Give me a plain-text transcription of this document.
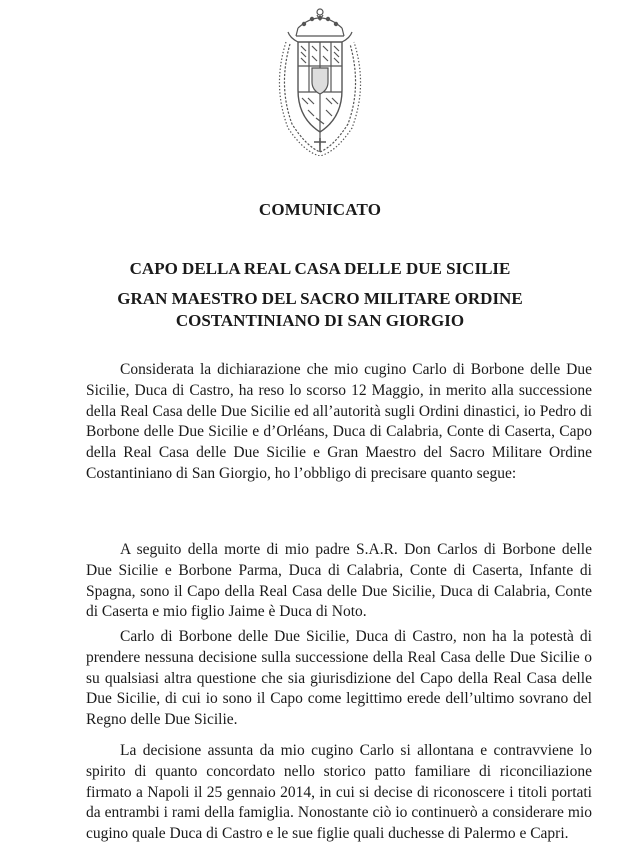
COMUNICATO
CAPO DELLA REAL CASA DELLE DUE SICILIE
GRAN MAESTRO DEL SACRO MILITARE ORDINE
COSTANTINIANO DI SAN GIORGIO

Considerata la dichiarazione che mio cugino Carlo di Borbone delle Due Sicilie, Duca di Castro, ha reso lo scorso 12 Maggio, in merito alla successione della Real Casa delle Due Sicilie ed all’autorità sugli Ordini dinastici, io Pedro di Borbone delle Due Sicilie e d’Orléans, Duca di Calabria, Conte di Caserta, Capo della Real Casa delle Due Sicilie e Gran Maestro del Sacro Militare Ordine Costantiniano di San Giorgio, ho l’obbligo di precisare quanto segue:

A seguito della morte di mio padre S.A.R. Don Carlos di Borbone delle Due Sicilie e Borbone Parma, Duca di Calabria, Conte di Caserta, Infante di Spagna, sono il Capo della Real Casa delle Due Sicilie, Duca di Calabria, Conte di Caserta e mio figlio Jaime è Duca di Noto.

Carlo di Borbone delle Due Sicilie, Duca di Castro, non ha la potestà di prendere nessuna decisione sulla successione della Real Casa delle Due Sicilie o su qualsiasi altra questione che sia giurisdizione del Capo della Real Casa delle Due Sicilie, di cui io sono il Capo come legittimo erede dell’ultimo sovrano del Regno delle Due Sicilie.

La decisione assunta da mio cugino Carlo si allontana e contravviene lo spirito di quanto concordato nello storico patto familiare di riconciliazione firmato a Napoli il 25 gennaio 2014, in cui si decise di riconoscere i titoli portati da entrambi i rami della famiglia. Nonostante ciò io continuerò a considerare mio cugino quale Duca di Castro e le sue figlie quali duchesse di Palermo e Capri.
